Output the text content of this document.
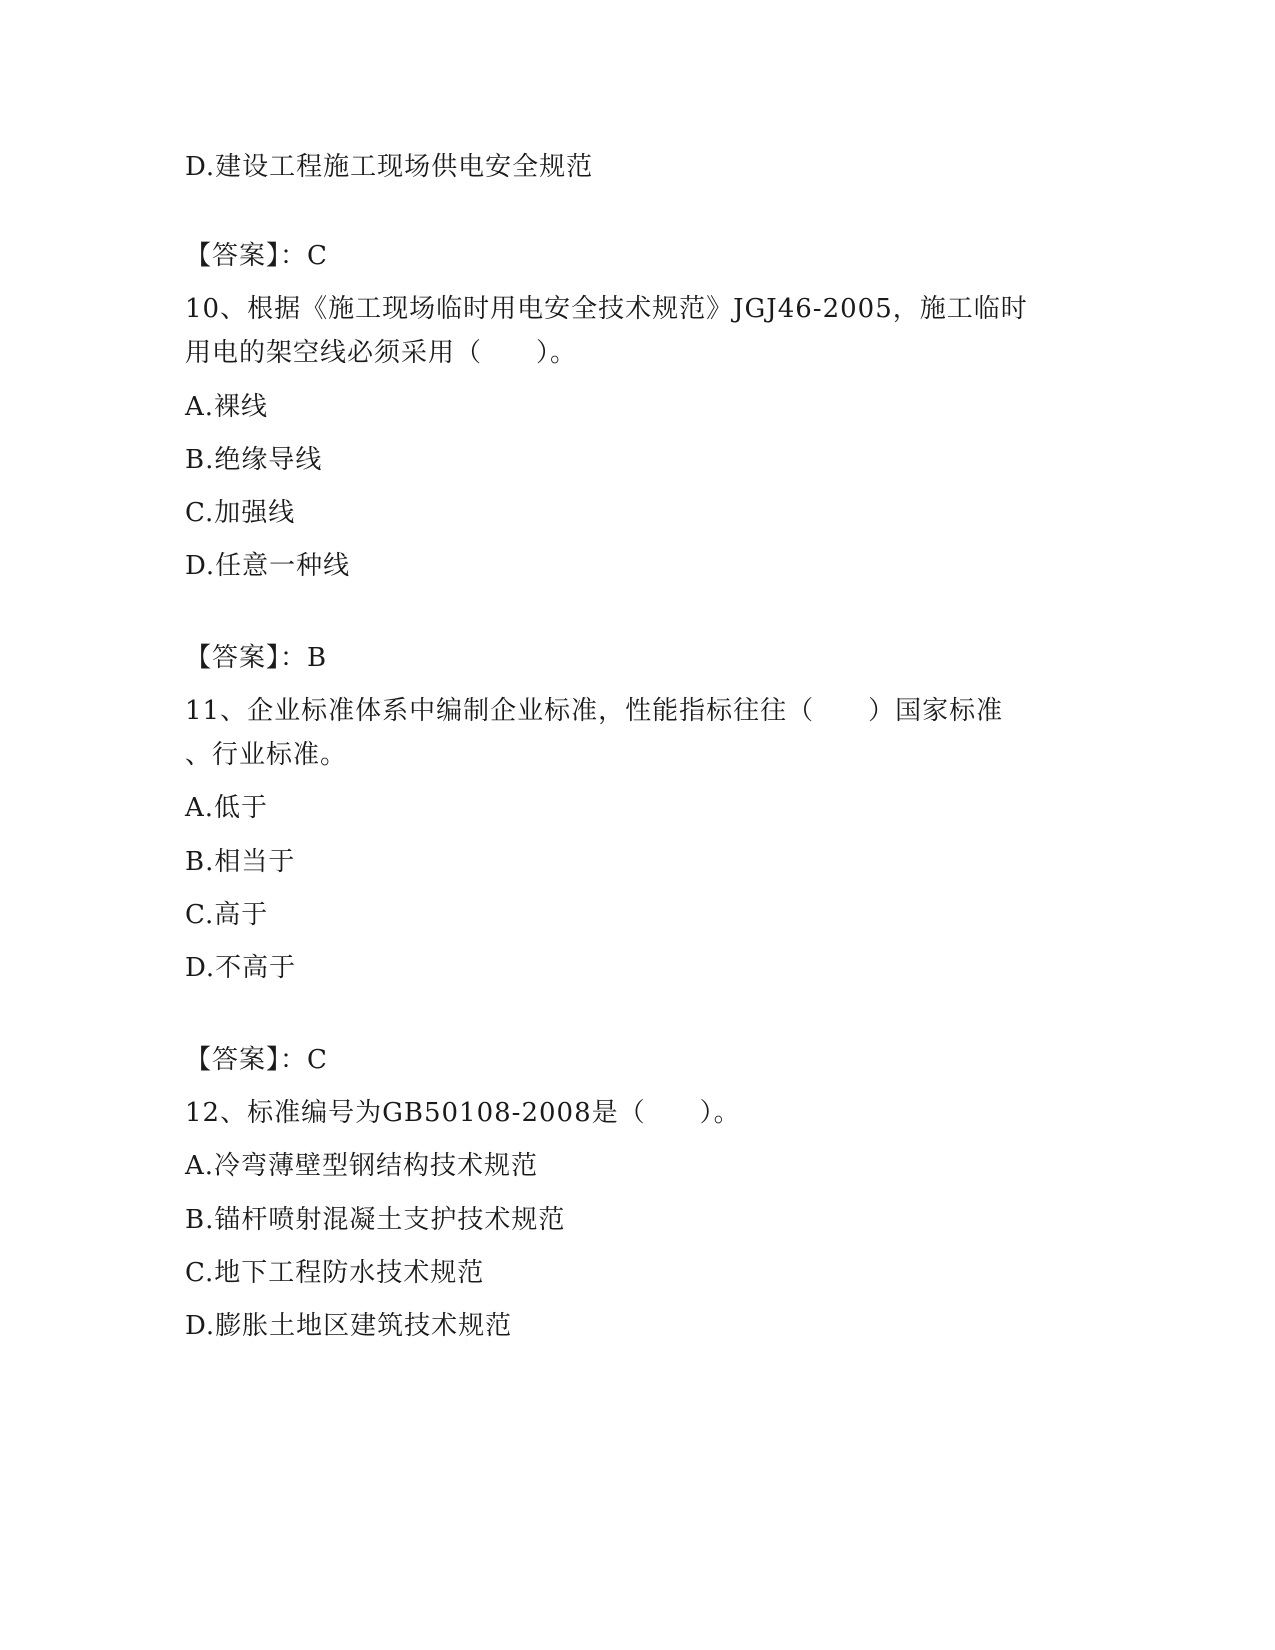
D.建设工程施工现场供电安全规范
【答案】：C
10、根据《施工现场临时用电安全技术规范》JGJ46-2005，施工临时
用电的架空线必须采用（　　）。
A.裸线
B.绝缘导线
C.加强线
D.任意一种线
【答案】：B
11、企业标准体系中编制企业标准，性能指标往往（　　）国家标准
、行业标准。
A.低于
B.相当于
C.高于
D.不高于
【答案】：C
12、标准编号为GB50108-2008是（　　）。
A.冷弯薄壁型钢结构技术规范
B.锚杆喷射混凝土支护技术规范
C.地下工程防水技术规范
D.膨胀土地区建筑技术规范
